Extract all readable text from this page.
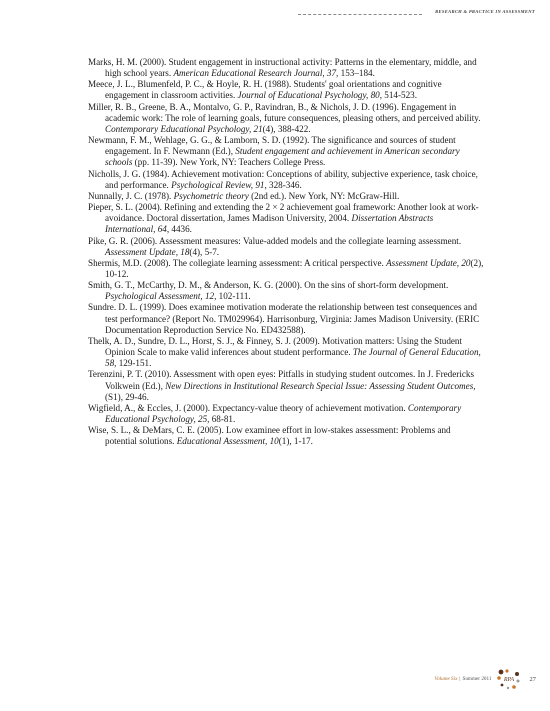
RESEARCH & PRACTICE IN ASSESSMENT

Marks, H. M. (2000). Student engagement in instructional activity: Patterns in the elementary, middle, and high school years. American Educational Research Journal, 37, 153–184.

Meece, J. L., Blumenfeld, P. C., & Hoyle, R. H. (1988). Students' goal orientations and cognitive engagement in classroom activities. Journal of Educational Psychology, 80, 514-523.

Miller, R. B., Greene, B. A., Montalvo, G. P., Ravindran, B., & Nichols, J. D. (1996). Engagement in academic work: The role of learning goals, future consequences, pleasing others, and perceived ability. Contemporary Educational Psychology, 21(4), 388-422.

Newmann, F. M., Wehlage, G. G., & Lamborn, S. D. (1992). The significance and sources of student engagement. In F. Newmann (Ed.), Student engagement and achievement in American secondary schools (pp. 11-39). New York, NY: Teachers College Press.

Nicholls, J. G. (1984). Achievement motivation: Conceptions of ability, subjective experience, task choice, and performance. Psychological Review, 91, 328-346.

Nunnally, J. C. (1978). Psychometric theory (2nd ed.). New York, NY: McGraw-Hill.

Pieper, S. L. (2004). Refining and extending the 2 × 2 achievement goal framework: Another look at work-avoidance. Doctoral dissertation, James Madison University, 2004. Dissertation Abstracts International, 64, 4436.

Pike, G. R. (2006). Assessment measures: Value-added models and the collegiate learning assessment. Assessment Update, 18(4), 5-7.

Shermis, M.D. (2008). The collegiate learning assessment: A critical perspective. Assessment Update, 20(2), 10-12.

Smith, G. T., McCarthy, D. M., & Anderson, K. G. (2000). On the sins of short-form development. Psychological Assessment, 12, 102-111.

Sundre. D. L. (1999). Does examinee motivation moderate the relationship between test consequences and test performance? (Report No. TM029964). Harrisonburg, Virginia: James Madison University. (ERIC Documentation Reproduction Service No. ED432588).

Thelk, A. D., Sundre, D. L., Horst, S. J., & Finney, S. J. (2009). Motivation matters: Using the Student Opinion Scale to make valid inferences about student performance. The Journal of General Education, 58, 129-151.

Terenzini, P. T. (2010). Assessment with open eyes: Pitfalls in studying student outcomes. In J. Fredericks Volkwein (Ed.), New Directions in Institutional Research Special Issue: Assessing Student Outcomes, (S1), 29-46.

Wigfield, A., & Eccles, J. (2000). Expectancy-value theory of achievement motivation. Contemporary Educational Psychology, 25, 68-81.

Wise, S. L., & DeMars, C. E. (2005). Low examinee effort in low-stakes assessment: Problems and potential solutions. Educational Assessment, 10(1), 1-17.

Volume Six | Summer 2011 RPA 27
